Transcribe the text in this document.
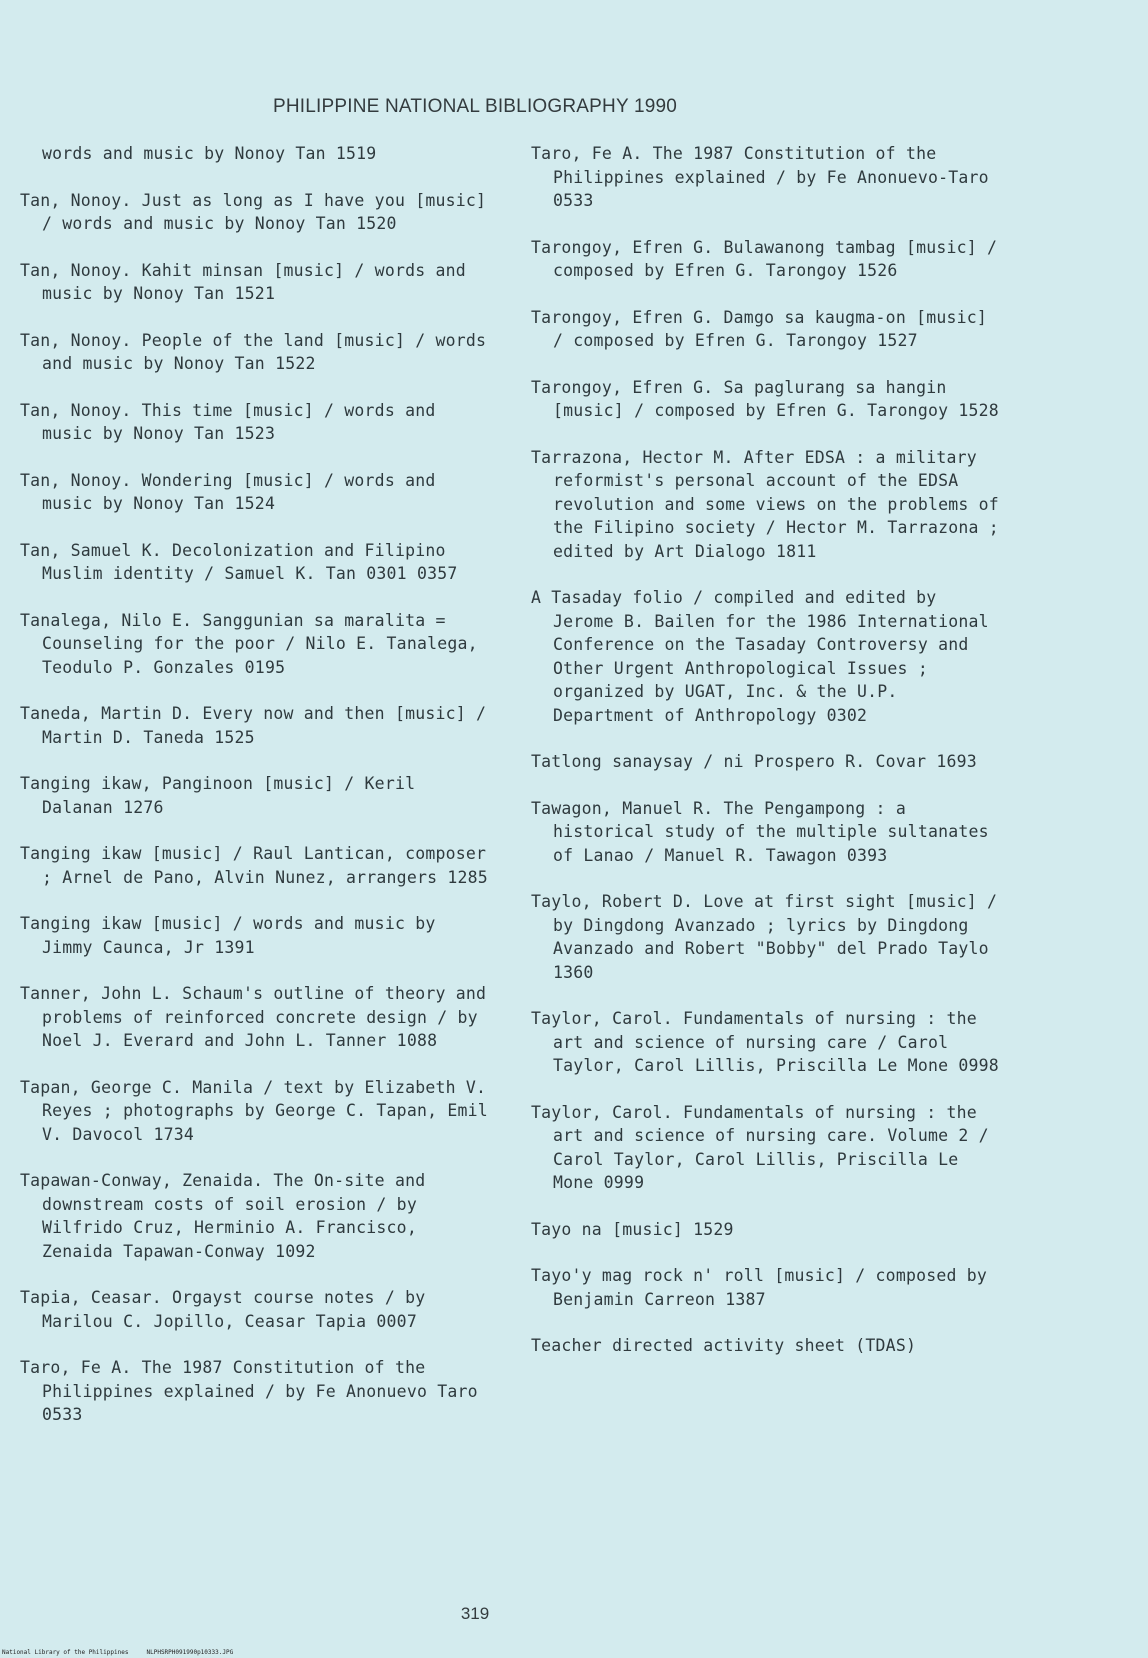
PHILIPPINE NATIONAL BIBLIOGRAPHY 1990
words and music by Nonoy Tan 1519
Tan, Nonoy. Just as long as I have you [music] / words and music by Nonoy Tan 1520
Tan, Nonoy. Kahit minsan [music] / words and music by Nonoy Tan 1521
Tan, Nonoy. People of the land [music] / words and music by Nonoy Tan 1522
Tan, Nonoy. This time [music] / words and music by Nonoy Tan 1523
Tan, Nonoy. Wondering [music] / words and music by Nonoy Tan 1524
Tan, Samuel K. Decolonization and Filipino Muslim identity / Samuel K. Tan 0301 0357
Tanalega, Nilo E. Sanggunian sa maralita = Counseling for the poor / Nilo E. Tanalega, Teodulo P. Gonzales 0195
Taneda, Martin D. Every now and then [music] / Martin D. Taneda 1525
Tanging ikaw, Panginoon [music] / Keril Dalanan 1276
Tanging ikaw [music] / Raul Lantican, composer ; Arnel de Pano, Alvin Nunez, arrangers 1285
Tanging ikaw [music] / words and music by Jimmy Caunca, Jr 1391
Tanner, John L. Schaum's outline of theory and problems of reinforced concrete design / by Noel J. Everard and John L. Tanner 1088
Tapan, George C. Manila / text by Elizabeth V. Reyes ; photographs by George C. Tapan, Emil V. Davocol 1734
Tapawan-Conway, Zenaida. The On-site and downstream costs of soil erosion / by Wilfrido Cruz, Herminio A. Francisco, Zenaida Tapawan-Conway 1092
Tapia, Ceasar. Orgayst course notes / by Marilou C. Jopillo, Ceasar Tapia 0007
Taro, Fe A. The 1987 Constitution of the Philippines explained / by Fe Anonuevo Taro 0533
Taro, Fe A. The 1987 Constitution of the Philippines explained / by Fe Anonuevo-Taro 0533
Tarongoy, Efren G. Bulawanong tambag [music] / composed by Efren G. Tarongoy 1526
Tarongoy, Efren G. Damgo sa kaugma-on [music] / composed by Efren G. Tarongoy 1527
Tarongoy, Efren G. Sa paglurang sa hangin [music] / composed by Efren G. Tarongoy 1528
Tarrazona, Hector M. After EDSA : a military reformist's personal account of the EDSA revolution and some views on the problems of the Filipino society / Hector M. Tarrazona ; edited by Art Dialogo 1811
A Tasaday folio / compiled and edited by Jerome B. Bailen for the 1986 International Conference on the Tasaday Controversy and Other Urgent Anthropological Issues ; organized by UGAT, Inc. & the U.P. Department of Anthropology 0302
Tatlong sanaysay / ni Prospero R. Covar 1693
Tawagon, Manuel R. The Pengampong : a historical study of the multiple sultanates of Lanao / Manuel R. Tawagon 0393
Taylo, Robert D. Love at first sight [music] / by Dingdong Avanzado ; lyrics by Dingdong Avanzado and Robert "Bobby" del Prado Taylo 1360
Taylor, Carol. Fundamentals of nursing : the art and science of nursing care / Carol Taylor, Carol Lillis, Priscilla Le Mone 0998
Taylor, Carol. Fundamentals of nursing : the art and science of nursing care. Volume 2 / Carol Taylor, Carol Lillis, Priscilla Le Mone 0999
Tayo na [music] 1529
Tayo'y mag rock n' roll [music] / composed by Benjamin Carreon 1387
Teacher directed activity sheet (TDAS)
319
National Library of the Philippines     NLPHSRPH091990p10333.JPG
